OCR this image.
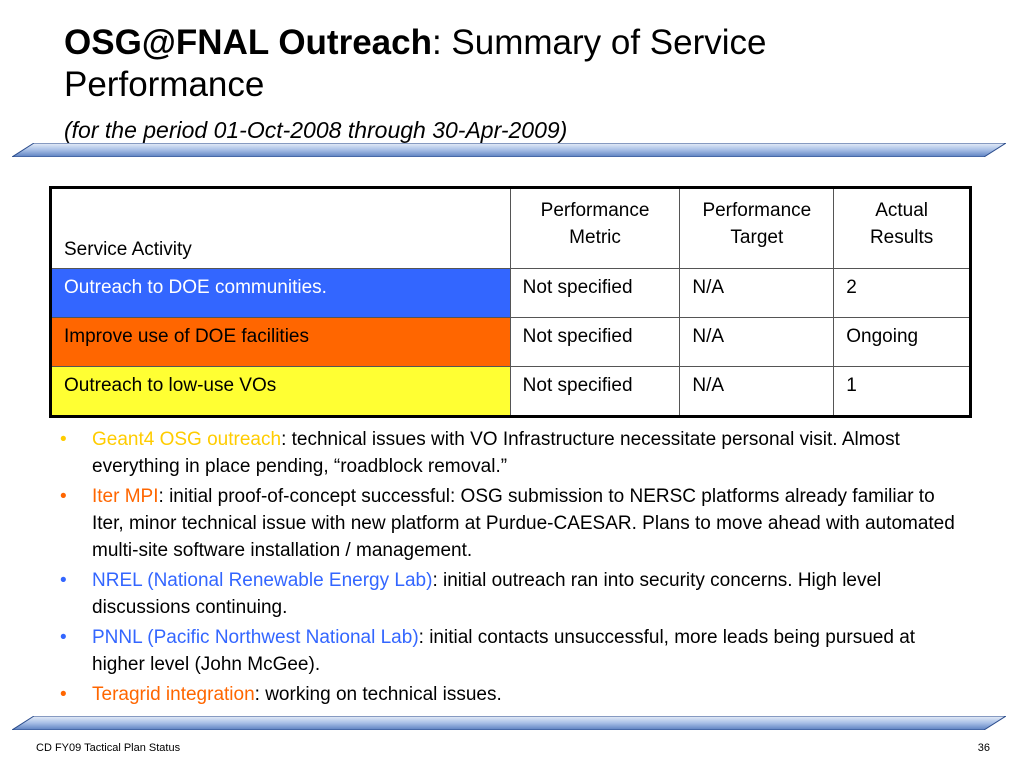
OSG@FNAL Outreach: Summary of Service Performance
(for the period 01-Oct-2008 through 30-Apr-2009)
Service Activity	Performance Metric	Performance Target	Actual Results
Outreach to DOE communities.	Not specified	N/A	2
Improve use of DOE facilities	Not specified	N/A	Ongoing
Outreach to low-use VOs	Not specified	N/A	1
• Geant4 OSG outreach: technical issues with VO Infrastructure necessitate personal visit. Almost everything in place pending, “roadblock removal.”
• Iter MPI: initial proof-of-concept successful: OSG submission to NERSC platforms already familiar to Iter, minor technical issue with new platform at Purdue-CAESAR. Plans to move ahead with automated multi-site software installation / management.
• NREL (National Renewable Energy Lab): initial outreach ran into security concerns. High level discussions continuing.
• PNNL (Pacific Northwest National Lab): initial contacts unsuccessful, more leads being pursued at higher level (John McGee).
• Teragrid integration: working on technical issues.
CD FY09 Tactical Plan Status	36
